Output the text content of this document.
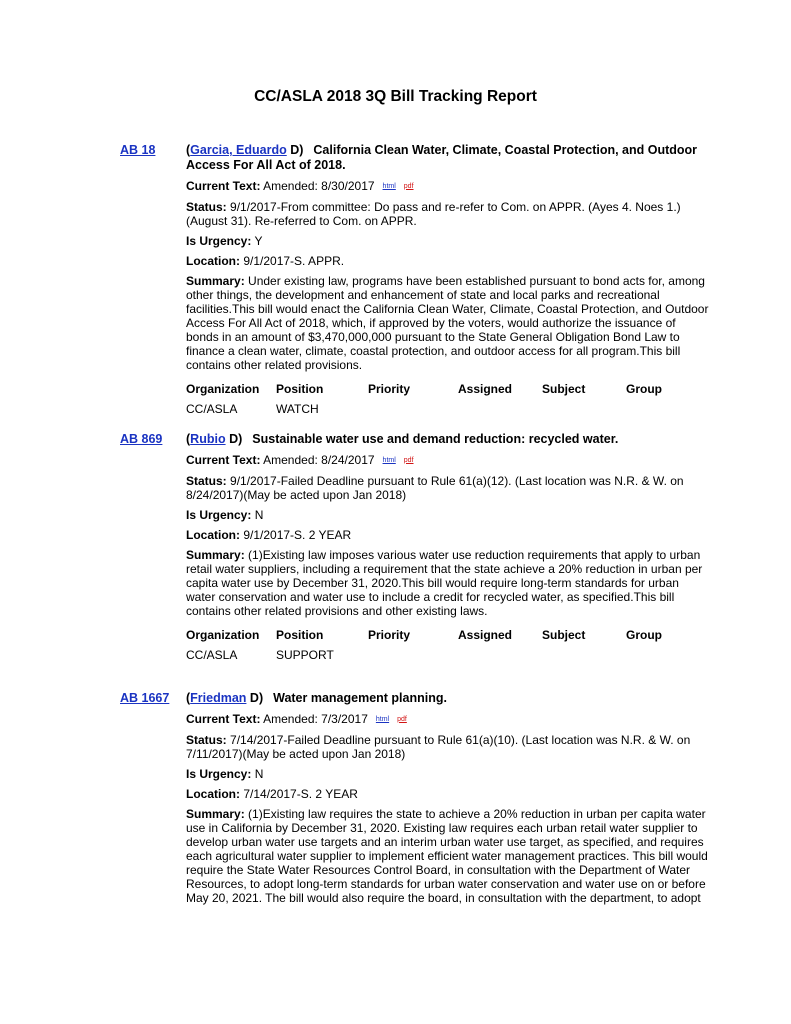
CC/ASLA 2018 3Q Bill Tracking Report
AB 18	(Garcia, Eduardo D) California Clean Water, Climate, Coastal Protection, and Outdoor Access For All Act of 2018.
Current Text: Amended: 8/30/2017 html pdf
Status: 9/1/2017-From committee: Do pass and re-refer to Com. on APPR. (Ayes 4. Noes 1.) (August 31). Re-referred to Com. on APPR.
Is Urgency: Y
Location: 9/1/2017-S. APPR.
Summary: Under existing law, programs have been established pursuant to bond acts for, among other things, the development and enhancement of state and local parks and recreational facilities.This bill would enact the California Clean Water, Climate, Coastal Protection, and Outdoor Access For All Act of 2018, which, if approved by the voters, would authorize the issuance of bonds in an amount of $3,470,000,000 pursuant to the State General Obligation Bond Law to finance a clean water, climate, coastal protection, and outdoor access for all program.This bill contains other related provisions.
Organization	Position	Priority	Assigned	Subject	Group
CC/ASLA	WATCH				
AB 869	(Rubio D) Sustainable water use and demand reduction: recycled water.
Current Text: Amended: 8/24/2017 html pdf
Status: 9/1/2017-Failed Deadline pursuant to Rule 61(a)(12). (Last location was N.R. & W. on 8/24/2017)(May be acted upon Jan 2018)
Is Urgency: N
Location: 9/1/2017-S. 2 YEAR
Summary: (1)Existing law imposes various water use reduction requirements that apply to urban retail water suppliers, including a requirement that the state achieve a 20% reduction in urban per capita water use by December 31, 2020.This bill would require long-term standards for urban water conservation and water use to include a credit for recycled water, as specified.This bill contains other related provisions and other existing laws.
Organization	Position	Priority	Assigned	Subject	Group
CC/ASLA	SUPPORT				
AB 1667	(Friedman D) Water management planning.
Current Text: Amended: 7/3/2017 html pdf
Status: 7/14/2017-Failed Deadline pursuant to Rule 61(a)(10). (Last location was N.R. & W. on 7/11/2017)(May be acted upon Jan 2018)
Is Urgency: N
Location: 7/14/2017-S. 2 YEAR
Summary: (1)Existing law requires the state to achieve a 20% reduction in urban per capita water use in California by December 31, 2020. Existing law requires each urban retail water supplier to develop urban water use targets and an interim urban water use target, as specified, and requires each agricultural water supplier to implement efficient water management practices. This bill would require the State Water Resources Control Board, in consultation with the Department of Water Resources, to adopt long-term standards for urban water conservation and water use on or before May 20, 2021. The bill would also require the board, in consultation with the department, to adopt
